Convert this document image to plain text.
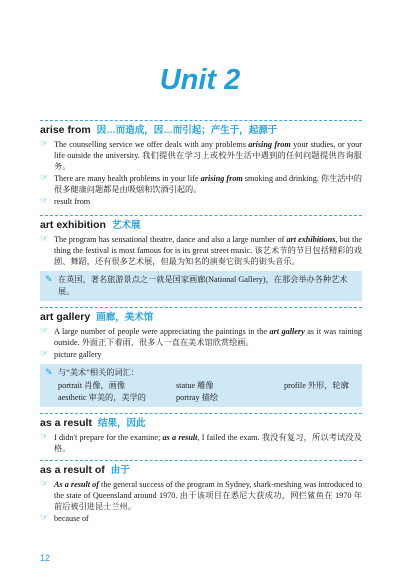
Unit 2
arise from 因…而造成，因…而引起；产生于，起源于
☞ The counselling service we offer deals with any problems arising from your studies, or your life outside the university. 我们提供在学习上或校外生活中遇到的任何问题提供咨询服务。
☞ There are many health problems in your life arising from smoking and drinking. 你生活中的很多健康问题都是由吸烟和饮酒引起的。
☞ result from
art exhibition 艺术展
☞ The program has sensational theatre, dance and also a large number of art exhibitions, but the thing the festival is most famous for is its great street music. 该艺术节的节目包括精彩的戏剧、舞蹈，还有很多艺术展，但最为知名的演奏它街头的街头音乐。
✎ 在英国，著名旅游景点之一就是国家画廊(National Gallery)，在那会举办各种艺术展。
art gallery 画廊，美术馆
☞ A large number of people were appreciating the paintings in the art gallery as it was raining outside. 外面正下着雨，很多人一直在美术馆欣赏绘画。
☞ picture gallery
✎ 与“美术”相关的词汇：
portrait 肖像，画像	statue 雕像	profile 外形，轮廓
aesthetic 审美的，美学的	portray 描绘
as a result 结果，因此
☞ I didn't prepare for the examine; as a result, I failed the exam. 我没有复习，所以考试没及格。
as a result of 由于
☞ As a result of the general success of the program in Sydney, shark-meshing was introduced to the state of Queensland around 1970. 由于该项目在悉尼大获成功，网拦鲨鱼在 1970 年前后被引进昆士兰州。
☞ because of
12
